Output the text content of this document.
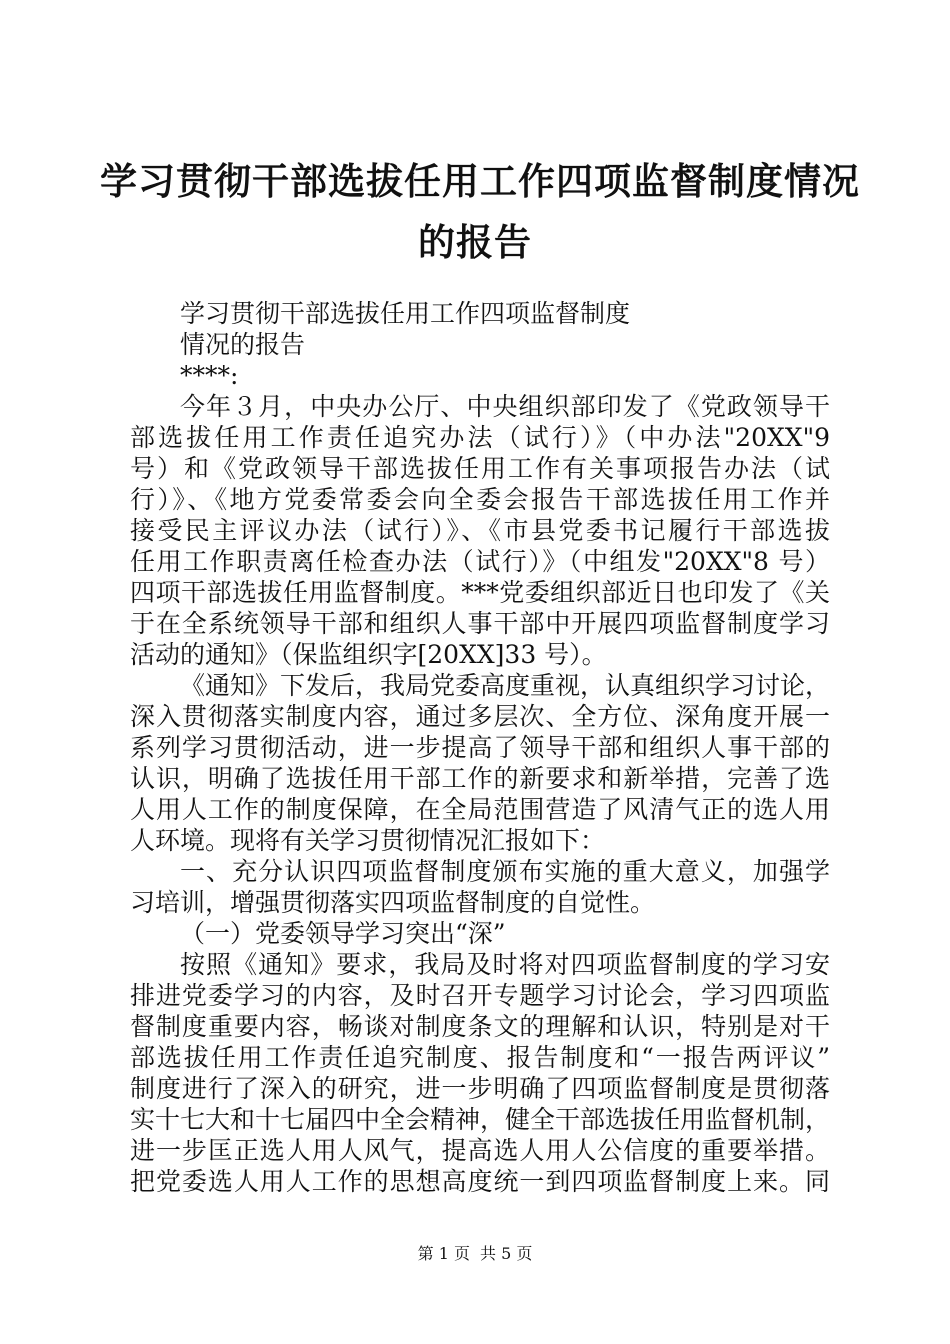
学习贯彻干部选拔任用工作四项监督制度情况
的报告
学习贯彻干部选拔任用工作四项监督制度
情况的报告
****:
今年３月，中央办公厅、中央组织部印发了《党政领导干
部选拔任用工作责任追究办法（试行）》（中办法"20XX"9
号）和《党政领导干部选拔任用工作有关事项报告办法（试
行）》、《地方党委常委会向全委会报告干部选拔任用工作并
接受民主评议办法（试行）》、《市县党委书记履行干部选拔
任用工作职责离任检查办法（试行）》（中组发"20XX"8 号）
四项干部选拔任用监督制度。***党委组织部近日也印发了《关
于在全系统领导干部和组织人事干部中开展四项监督制度学习
活动的通知》（保监组织字[20XX]33 号）。
《通知》下发后，我局党委高度重视，认真组织学习讨论，
深入贯彻落实制度内容，通过多层次、全方位、深角度开展一
系列学习贯彻活动，进一步提高了领导干部和组织人事干部的
认识，明确了选拔任用干部工作的新要求和新举措，完善了选
人用人工作的制度保障，在全局范围营造了风清气正的选人用
人环境。现将有关学习贯彻情况汇报如下：
一、充分认识四项监督制度颁布实施的重大意义，加强学
习培训，增强贯彻落实四项监督制度的自觉性。
（一）党委领导学习突出“深”
按照《通知》要求，我局及时将对四项监督制度的学习安
排进党委学习的内容，及时召开专题学习讨论会，学习四项监
督制度重要内容，畅谈对制度条文的理解和认识，特别是对干
部选拔任用工作责任追究制度、报告制度和“一报告两评议”
制度进行了深入的研究，进一步明确了四项监督制度是贯彻落
实十七大和十七届四中全会精神，健全干部选拔任用监督机制，
进一步匡正选人用人风气，提高选人用人公信度的重要举措。
把党委选人用人工作的思想高度统一到四项监督制度上来。同
第 1 页 共 5 页
